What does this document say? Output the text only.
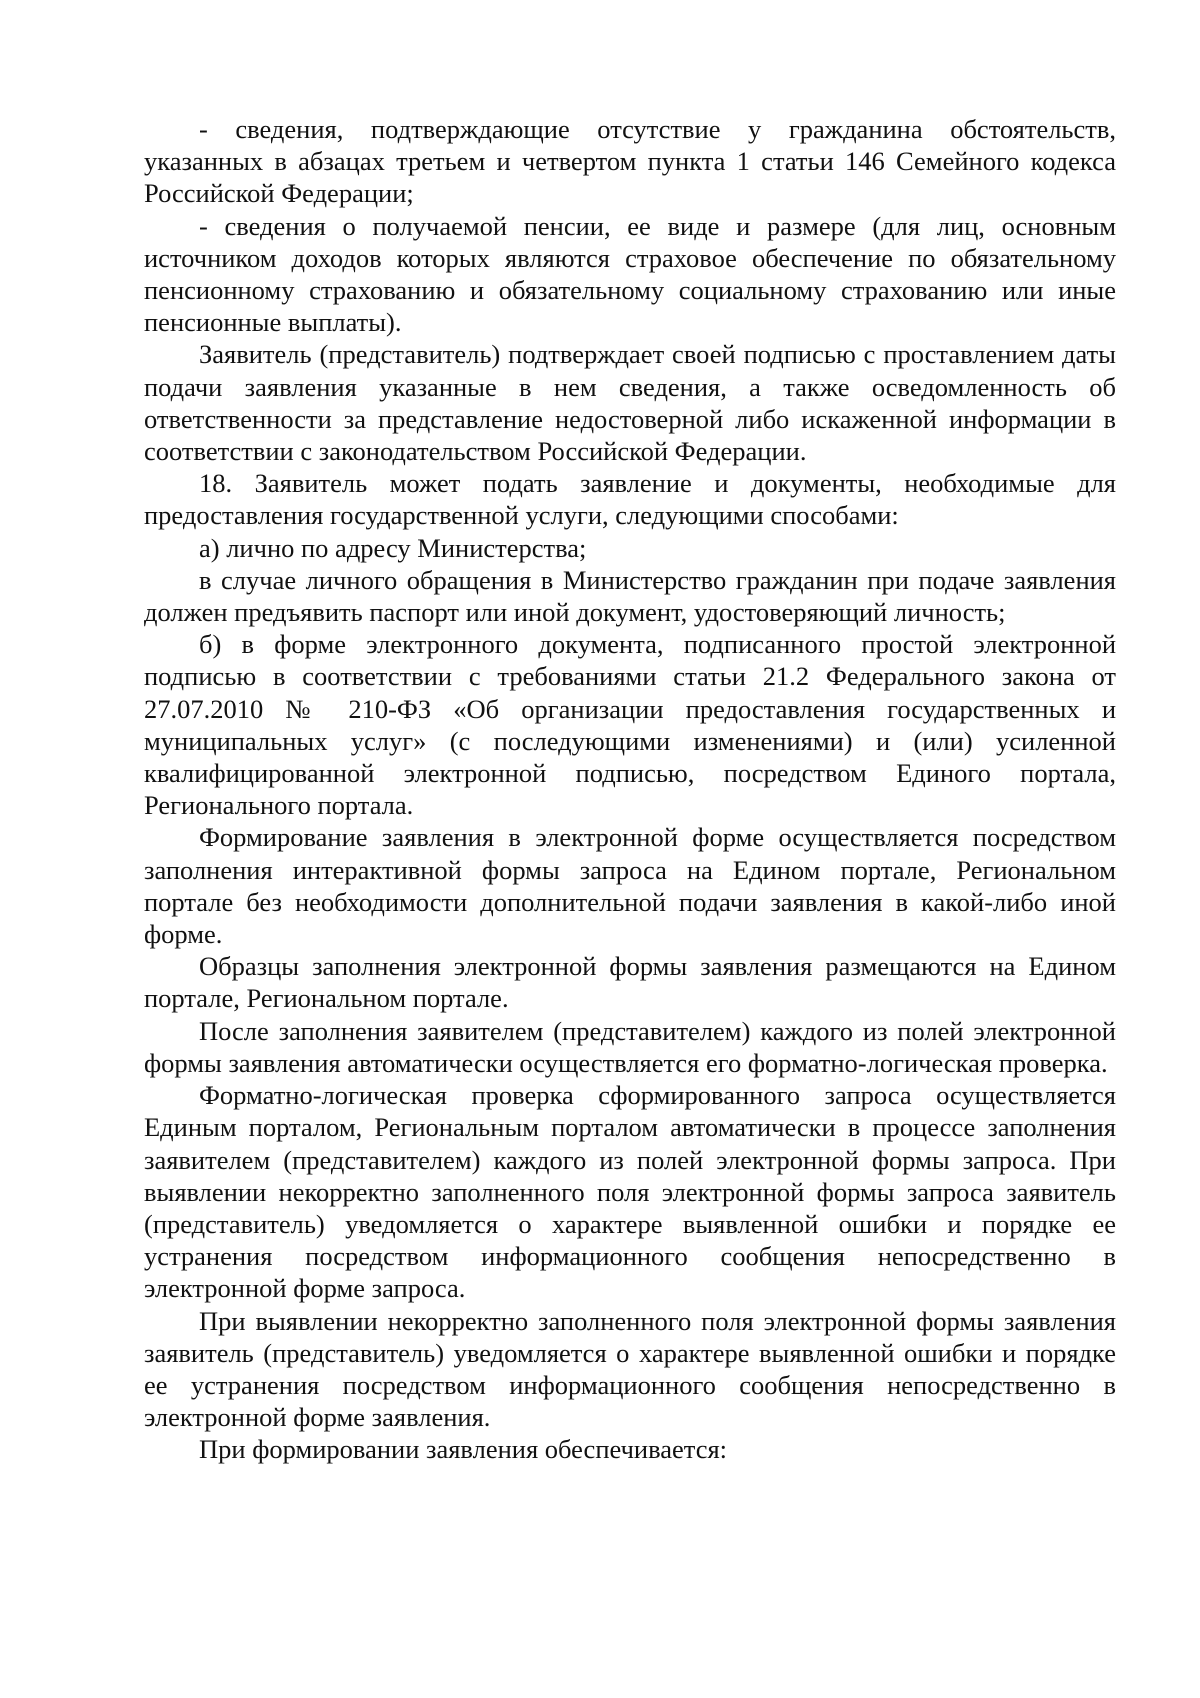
- сведения, подтверждающие отсутствие у гражданина обстоятельств, указанных в абзацах третьем и четвертом пункта 1 статьи 146 Семейного кодекса Российской Федерации;

- сведения о получаемой пенсии, ее виде и размере (для лиц, основным источником доходов которых являются страховое обеспечение по обязательному пенсионному страхованию и обязательному социальному страхованию или иные пенсионные выплаты).

Заявитель (представитель) подтверждает своей подписью с проставлением даты подачи заявления указанные в нем сведения, а также осведомленность об ответственности за представление недостоверной либо искаженной информации в соответствии с законодательством Российской Федерации.

18. Заявитель может подать заявление и документы, необходимые для предоставления государственной услуги, следующими способами:

а) лично по адресу Министерства;

в случае личного обращения в Министерство гражданин при подаче заявления должен предъявить паспорт или иной документ, удостоверяющий личность;

б) в форме электронного документа, подписанного простой электронной подписью в соответствии с требованиями статьи 21.2 Федерального закона от 27.07.2010 № 210-ФЗ «Об организации предоставления государственных и муниципальных услуг» (с последующими изменениями) и (или) усиленной квалифицированной электронной подписью, посредством Единого портала, Регионального портала.

Формирование заявления в электронной форме осуществляется посредством заполнения интерактивной формы запроса на Едином портале, Региональном портале без необходимости дополнительной подачи заявления в какой-либо иной форме.

Образцы заполнения электронной формы заявления размещаются на Едином портале, Региональном портале.

После заполнения заявителем (представителем) каждого из полей электронной формы заявления автоматически осуществляется его форматно-логическая проверка.

Форматно-логическая проверка сформированного запроса осуществляется Единым порталом, Региональным порталом автоматически в процессе заполнения заявителем (представителем) каждого из полей электронной формы запроса. При выявлении некорректно заполненного поля электронной формы запроса заявитель (представитель) уведомляется о характере выявленной ошибки и порядке ее устранения посредством информационного сообщения непосредственно в электронной форме запроса.

При выявлении некорректно заполненного поля электронной формы заявления заявитель (представитель) уведомляется о характере выявленной ошибки и порядке ее устранения посредством информационного сообщения непосредственно в электронной форме заявления.

При формировании заявления обеспечивается:
